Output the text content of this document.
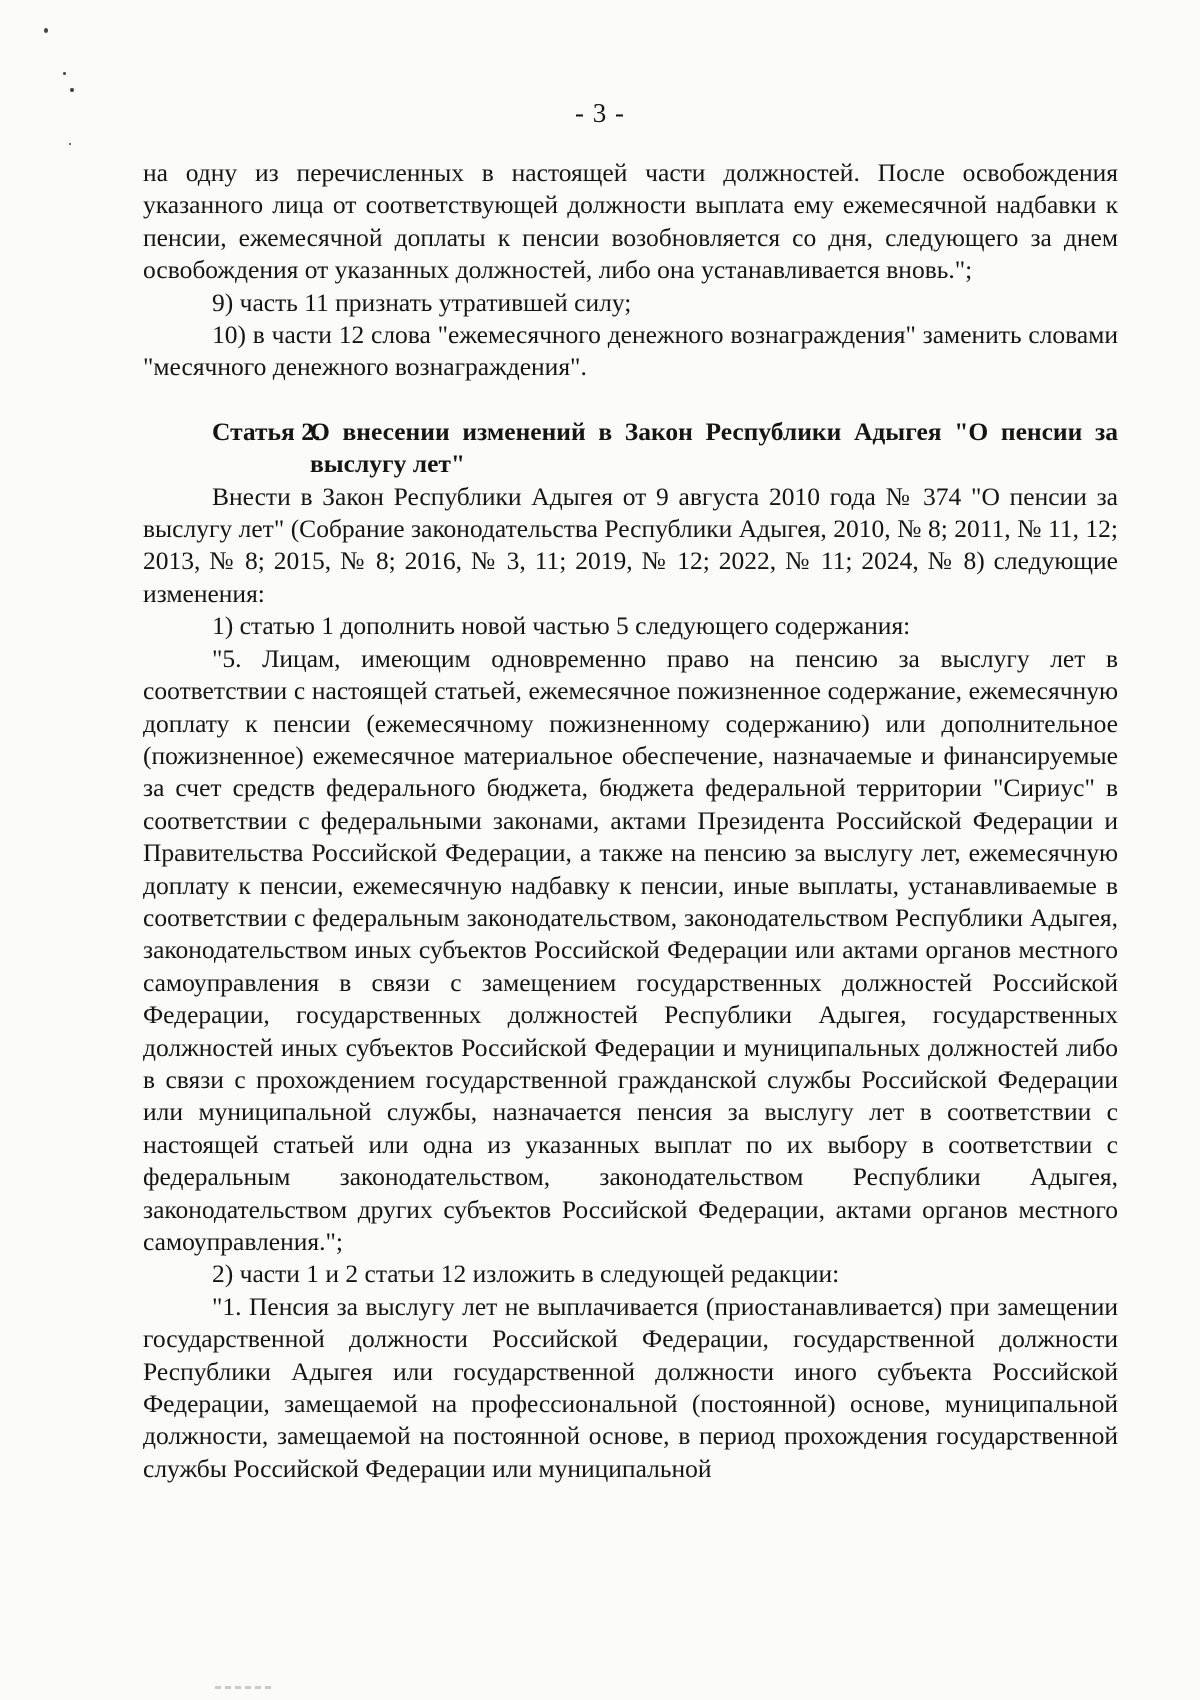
- 3 -

на одну из перечисленных в настоящей части должностей. После освобождения указанного лица от соответствующей должности выплата ему ежемесячной надбавки к пенсии, ежемесячной доплаты к пенсии возобновляется со дня, следующего за днем освобождения от указанных должностей, либо она устанавливается вновь.";

9) часть 11 признать утратившей силу;

10) в части 12 слова "ежемесячного денежного вознаграждения" заменить словами "месячного денежного вознаграждения".

Статья 2.
О внесении изменений в Закон Республики Адыгея "О пенсии за выслугу лет"

Внести в Закон Республики Адыгея от 9 августа 2010 года № 374 "О пенсии за выслугу лет" (Собрание законодательства Республики Адыгея, 2010, № 8; 2011, № 11, 12; 2013, № 8; 2015, № 8; 2016, № 3, 11; 2019, № 12; 2022, № 11; 2024, № 8) следующие изменения:

1) статью 1 дополнить новой частью 5 следующего содержания:

"5. Лицам, имеющим одновременно право на пенсию за выслугу лет в соответствии с настоящей статьей, ежемесячное пожизненное содержание, ежемесячную доплату к пенсии (ежемесячному пожизненному содержанию) или дополнительное (пожизненное) ежемесячное материальное обеспечение, назначаемые и финансируемые за счет средств федерального бюджета, бюджета федеральной территории "Сириус" в соответствии с федеральными законами, актами Президента Российской Федерации и Правительства Российской Федерации, а также на пенсию за выслугу лет, ежемесячную доплату к пенсии, ежемесячную надбавку к пенсии, иные выплаты, устанавливаемые в соответствии с федеральным законодательством, законодательством Республики Адыгея, законодательством иных субъектов Российской Федерации или актами органов местного самоуправления в связи с замещением государственных должностей Российской Федерации, государственных должностей Республики Адыгея, государственных должностей иных субъектов Российской Федерации и муниципальных должностей либо в связи с прохождением государственной гражданской службы Российской Федерации или муниципальной службы, назначается пенсия за выслугу лет в соответствии с настоящей статьей или одна из указанных выплат по их выбору в соответствии с федеральным законодательством, законодательством Республики Адыгея, законодательством других субъектов Российской Федерации, актами органов местного самоуправления.";

2) части 1 и 2 статьи 12 изложить в следующей редакции:

"1. Пенсия за выслугу лет не выплачивается (приостанавливается) при замещении государственной должности Российской Федерации, государственной должности Республики Адыгея или государственной должности иного субъекта Российской Федерации, замещаемой на профессиональной (постоянной) основе, муниципальной должности, замещаемой на постоянной основе, в период прохождения государственной службы Российской Федерации или муниципальной
